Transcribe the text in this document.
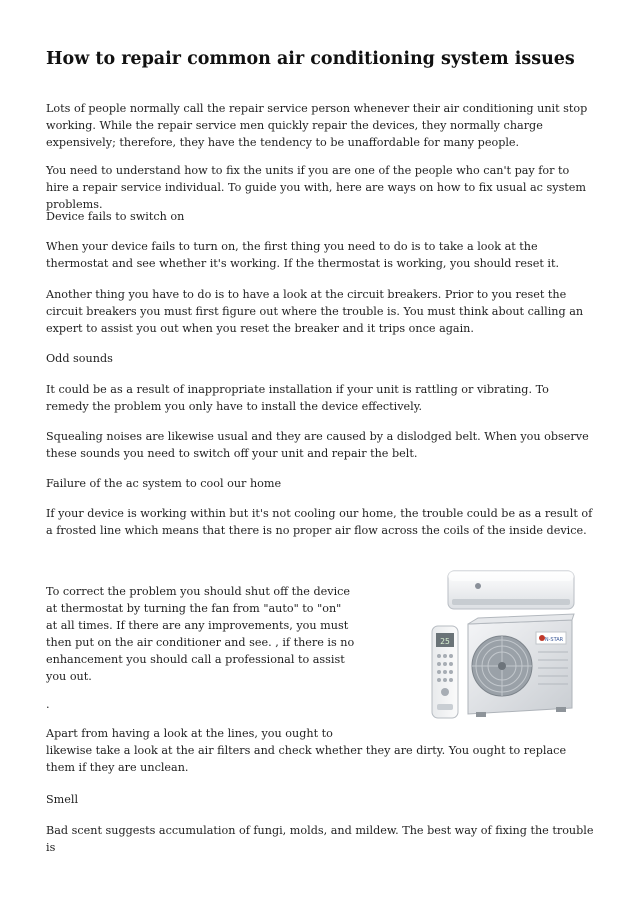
How to repair common air conditioning system issues

Lots of people normally call the repair service person whenever their air conditioning unit stop working. While the repair service men quickly repair the devices, they normally charge expensively; therefore, they have the tendency to be unaffordable for many people.

You need to understand how to fix the units if you are one of the people who can't pay for to hire a repair service individual. To guide you with, here are ways on how to fix usual ac system problems.

Device fails to switch on

When your device fails to turn on, the first thing you need to do is to take a look at the thermostat and see whether it's working. If the thermostat is working, you should reset it.

Another thing you have to do is to have a look at the circuit breakers. Prior to you reset the circuit breakers you must first figure out where the trouble is. You must think about calling an expert to assist you out when you reset the breaker and it trips once again.

Odd sounds

It could be as a result of inappropriate installation if your unit is rattling or vibrating. To remedy the problem you only have to install the device effectively.

Squealing noises are likewise usual and they are caused by a dislodged belt. When you observe these sounds you need to switch off your unit and repair the belt.

Failure of the ac system to cool our home

If your device is working within but it's not cooling our home, the trouble could be as a result of a frosted line which means that there is no proper air flow across the coils of the inside device.

To correct the problem you should shut off the device at thermostat by turning the fan from "auto" to "on" at all times. If there are any improvements, you must then put on the air conditioner and see. , if there is no enhancement you should call a professional to assist you out.

.

Apart from having a look at the lines, you ought to

likewise take a look at the air filters and check whether they are dirty. You ought to replace them if they are unclean.

Smell

Bad scent suggests accumulation of fungi, molds, and mildew. The best way of fixing the trouble is

25	N-STAR
